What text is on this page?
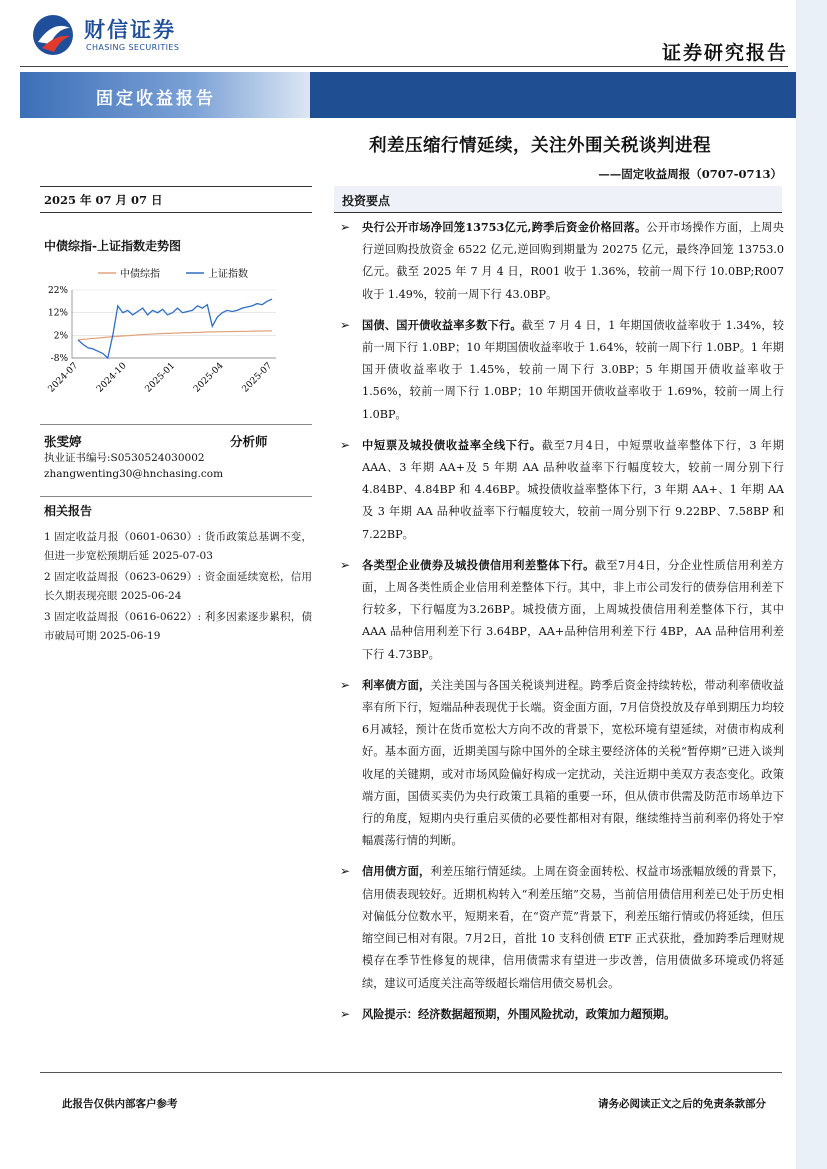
财信证券
CHASING SECURITIES	证券研究报告
固定收益报告
利差压缩行情延续，关注外围关税谈判进程
——固定收益周报（0707-0713）
2025 年 07 月 07 日
中债综指-上证指数走势图
中债综指	上证指数
22%
12%
2%
-8%
2024-07 2024-10 2025-01 2025-04 2025-07
张雯婷	分析师
执业证书编号:S0530524030002
zhangwenting30@hnchasing.com
相关报告

1 固定收益月报（0601-0630）: 货币政策总基调不变，但进一步宽松预期后延 2025-07-03

2 固定收益周报（0623-0629）: 资金面延续宽松，信用长久期表现亮眼 2025-06-24

3 固定收益周报（0616-0622）: 利多因素逐步累积，债市破局可期 2025-06-19

投资要点
➢ 央行公开市场净回笼13753亿元,跨季后资金价格回落。公开市场操作方面，上周央行逆回购投放资金 6522 亿元,逆回购到期量为 20275 亿元，最终净回笼 13753.0 亿元。截至 2025 年 7 月 4 日，R001 收于 1.36%，较前一周下行 10.0BP;R007 收于 1.49%，较前一周下行 43.0BP。
➢ 国债、国开债收益率多数下行。截至 7 月 4 日，1 年期国债收益率收于 1.34%，较前一周下行 1.0BP；10 年期国债收益率收于 1.64%，较前一周下行 1.0BP。1 年期国开债收益率收于 1.45%，较前一周下行 3.0BP；5 年期国开债收益率收于 1.56%，较前一周下行 1.0BP；10 年期国开债收益率收于 1.69%，较前一周上行 1.0BP。
➢ 中短票及城投债收益率全线下行。截至7月4日，中短票收益率整体下行，3 年期 AAA、3 年期 AA+及 5 年期 AA 品种收益率下行幅度较大，较前一周分别下行 4.84BP、4.84BP 和 4.46BP。城投债收益率整体下行，3 年期 AA+、1 年期 AA 及 3 年期 AA 品种收益率下行幅度较大，较前一周分别下行 9.22BP、7.58BP 和 7.22BP。
➢ 各类型企业债券及城投债信用利差整体下行。截至7月4日，分企业性质信用利差方面，上周各类性质企业信用利差整体下行。其中，非上市公司发行的债券信用利差下行较多，下行幅度为3.26BP。城投债方面，上周城投债信用利差整体下行，其中 AAA 品种信用利差下行 3.64BP，AA+品种信用利差下行 4BP，AA 品种信用利差下行 4.73BP。
➢ 利率债方面，关注美国与各国关税谈判进程。跨季后资金持续转松，带动利率债收益率有所下行，短端品种表现优于长端。资金面方面，7月信贷投放及存单到期压力均较6月减轻，预计在货币宽松大方向不改的背景下，宽松环境有望延续，对债市构成利好。基本面方面，近期美国与除中国外的全球主要经济体的关税“暂停期”已进入谈判收尾的关键期，或对市场风险偏好构成一定扰动，关注近期中美双方表态变化。政策端方面，国债买卖仍为央行政策工具箱的重要一环，但从债市供需及防范市场单边下行的角度，短期内央行重启买债的必要性都相对有限，继续维持当前利率仍将处于窄幅震荡行情的判断。
➢ 信用债方面，利差压缩行情延续。上周在资金面转松、权益市场涨幅放缓的背景下，信用债表现较好。近期机构转入“利差压缩”交易，当前信用债信用利差已处于历史相对偏低分位数水平，短期来看，在“资产荒”背景下，利差压缩行情或仍将延续，但压缩空间已相对有限。7月2日，首批 10 支科创债 ETF 正式获批，叠加跨季后理财规模存在季节性修复的规律，信用债需求有望进一步改善，信用债做多环境或仍将延续，建议可适度关注高等级超长端信用债交易机会。
➢ 风险提示：经济数据超预期，外围风险扰动，政策加力超预期。
此报告仅供内部客户参考	请务必阅读正文之后的免责条款部分
